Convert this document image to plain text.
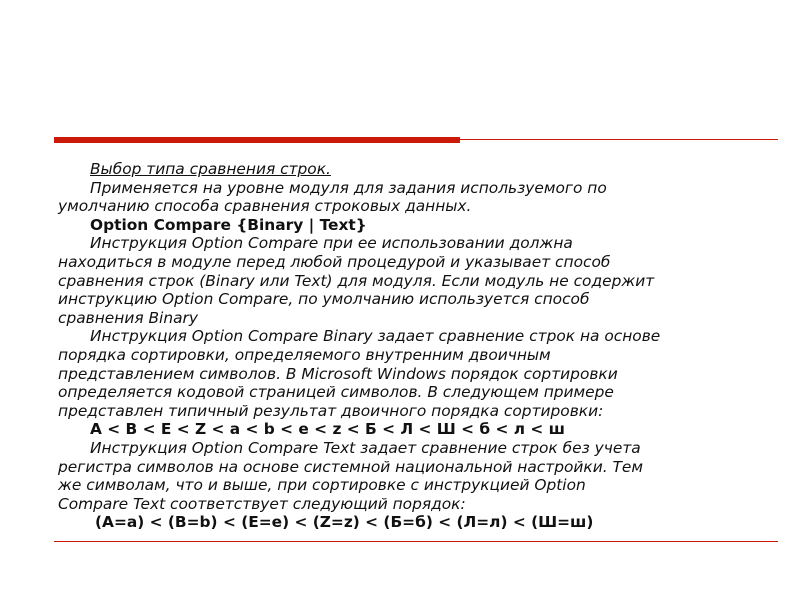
Выбор типа сравнения строк.

Применяется на уровне модуля для задания используемого по
умолчанию способа сравнения строковых данных.

Option Compare {Binary | Text}

Инструкция Option Compare при ее использовании должна
находиться в модуле перед любой процедурой и указывает способ
сравнения строк (Binary или Text) для модуля. Если модуль не содержит
инструкцию Option Compare, по умолчанию используется способ
сравнения Binary

Инструкция Option Compare Binary задает сравнение строк на основе
порядка сортировки, определяемого внутренним двоичным
представлением символов. В Microsoft Windows порядок сортировки
определяется кодовой страницей символов. В следующем примере
представлен типичный результат двоичного порядка сортировки:

A < B < E < Z < a < b < e < z < Б < Л < Ш < б < л < ш

Инструкция Option Compare Text задает сравнение строк без учета
регистра символов на основе системной национальной настройки. Тем
же символам, что и выше, при сортировке с инструкцией Option
Compare Text соответствует следующий порядок:

(A=a) < (B=b) < (E=e) < (Z=z) < (Б=б) < (Л=л) < (Ш=ш)
